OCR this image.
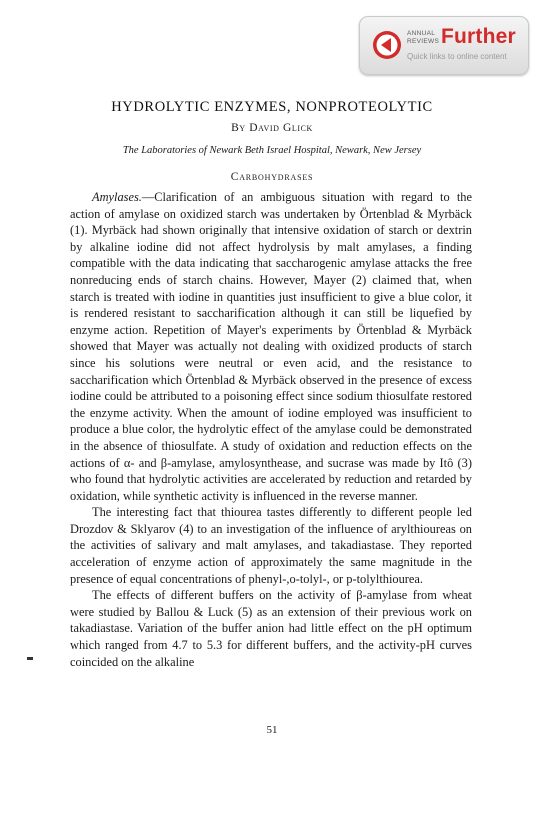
ANNUAL
REVIEWS Further
Quick links to online content
HYDROLYTIC ENZYMES, NONPROTEOLYTIC
By David Glick
The Laboratories of Newark Beth Israel Hospital, Newark, New Jersey
Carbohydrases

Amylases.—Clarification of an ambiguous situation with regard to the action of amylase on oxidized starch was undertaken by Örtenblad & Myrbäck (1). Myrbäck had shown originally that intensive oxidation of starch or dextrin by alkaline iodine did not affect hydrolysis by malt amylases, a finding compatible with the data indicating that saccharogenic amylase attacks the free nonreducing ends of starch chains. However, Mayer (2) claimed that, when starch is treated with iodine in quantities just insufficient to give a blue color, it is rendered resistant to saccharification although it can still be liquefied by enzyme action. Repetition of Mayer's experiments by Örtenblad & Myrbäck showed that Mayer was actually not dealing with oxidized products of starch since his solutions were neutral or even acid, and the resistance to saccharification which Örtenblad & Myrbäck observed in the presence of excess iodine could be attributed to a poisoning effect since sodium thiosulfate restored the enzyme activity. When the amount of iodine employed was insufficient to produce a blue color, the hydrolytic effect of the amylase could be demonstrated in the absence of thiosulfate. A study of oxidation and reduction effects on the actions of α- and β-amylase, amylosynthease, and sucrase was made by Itô (3) who found that hydrolytic activities are accelerated by reduction and retarded by oxidation, while synthetic activity is influenced in the reverse manner.

The interesting fact that thiourea tastes differently to different people led Drozdov & Sklyarov (4) to an investigation of the influence of arylthioureas on the activities of salivary and malt amylases, and takadiastase. They reported acceleration of enzyme action of approximately the same magnitude in the presence of equal concentrations of phenyl-,o-tolyl-, or p-tolylthiourea.

The effects of different buffers on the activity of β-amylase from wheat were studied by Ballou & Luck (5) as an extension of their previous work on takadiastase. Variation of the buffer anion had little effect on the pH optimum which ranged from 4.7 to 5.3 for different buffers, and the activity-pH curves coincided on the alkaline

51
